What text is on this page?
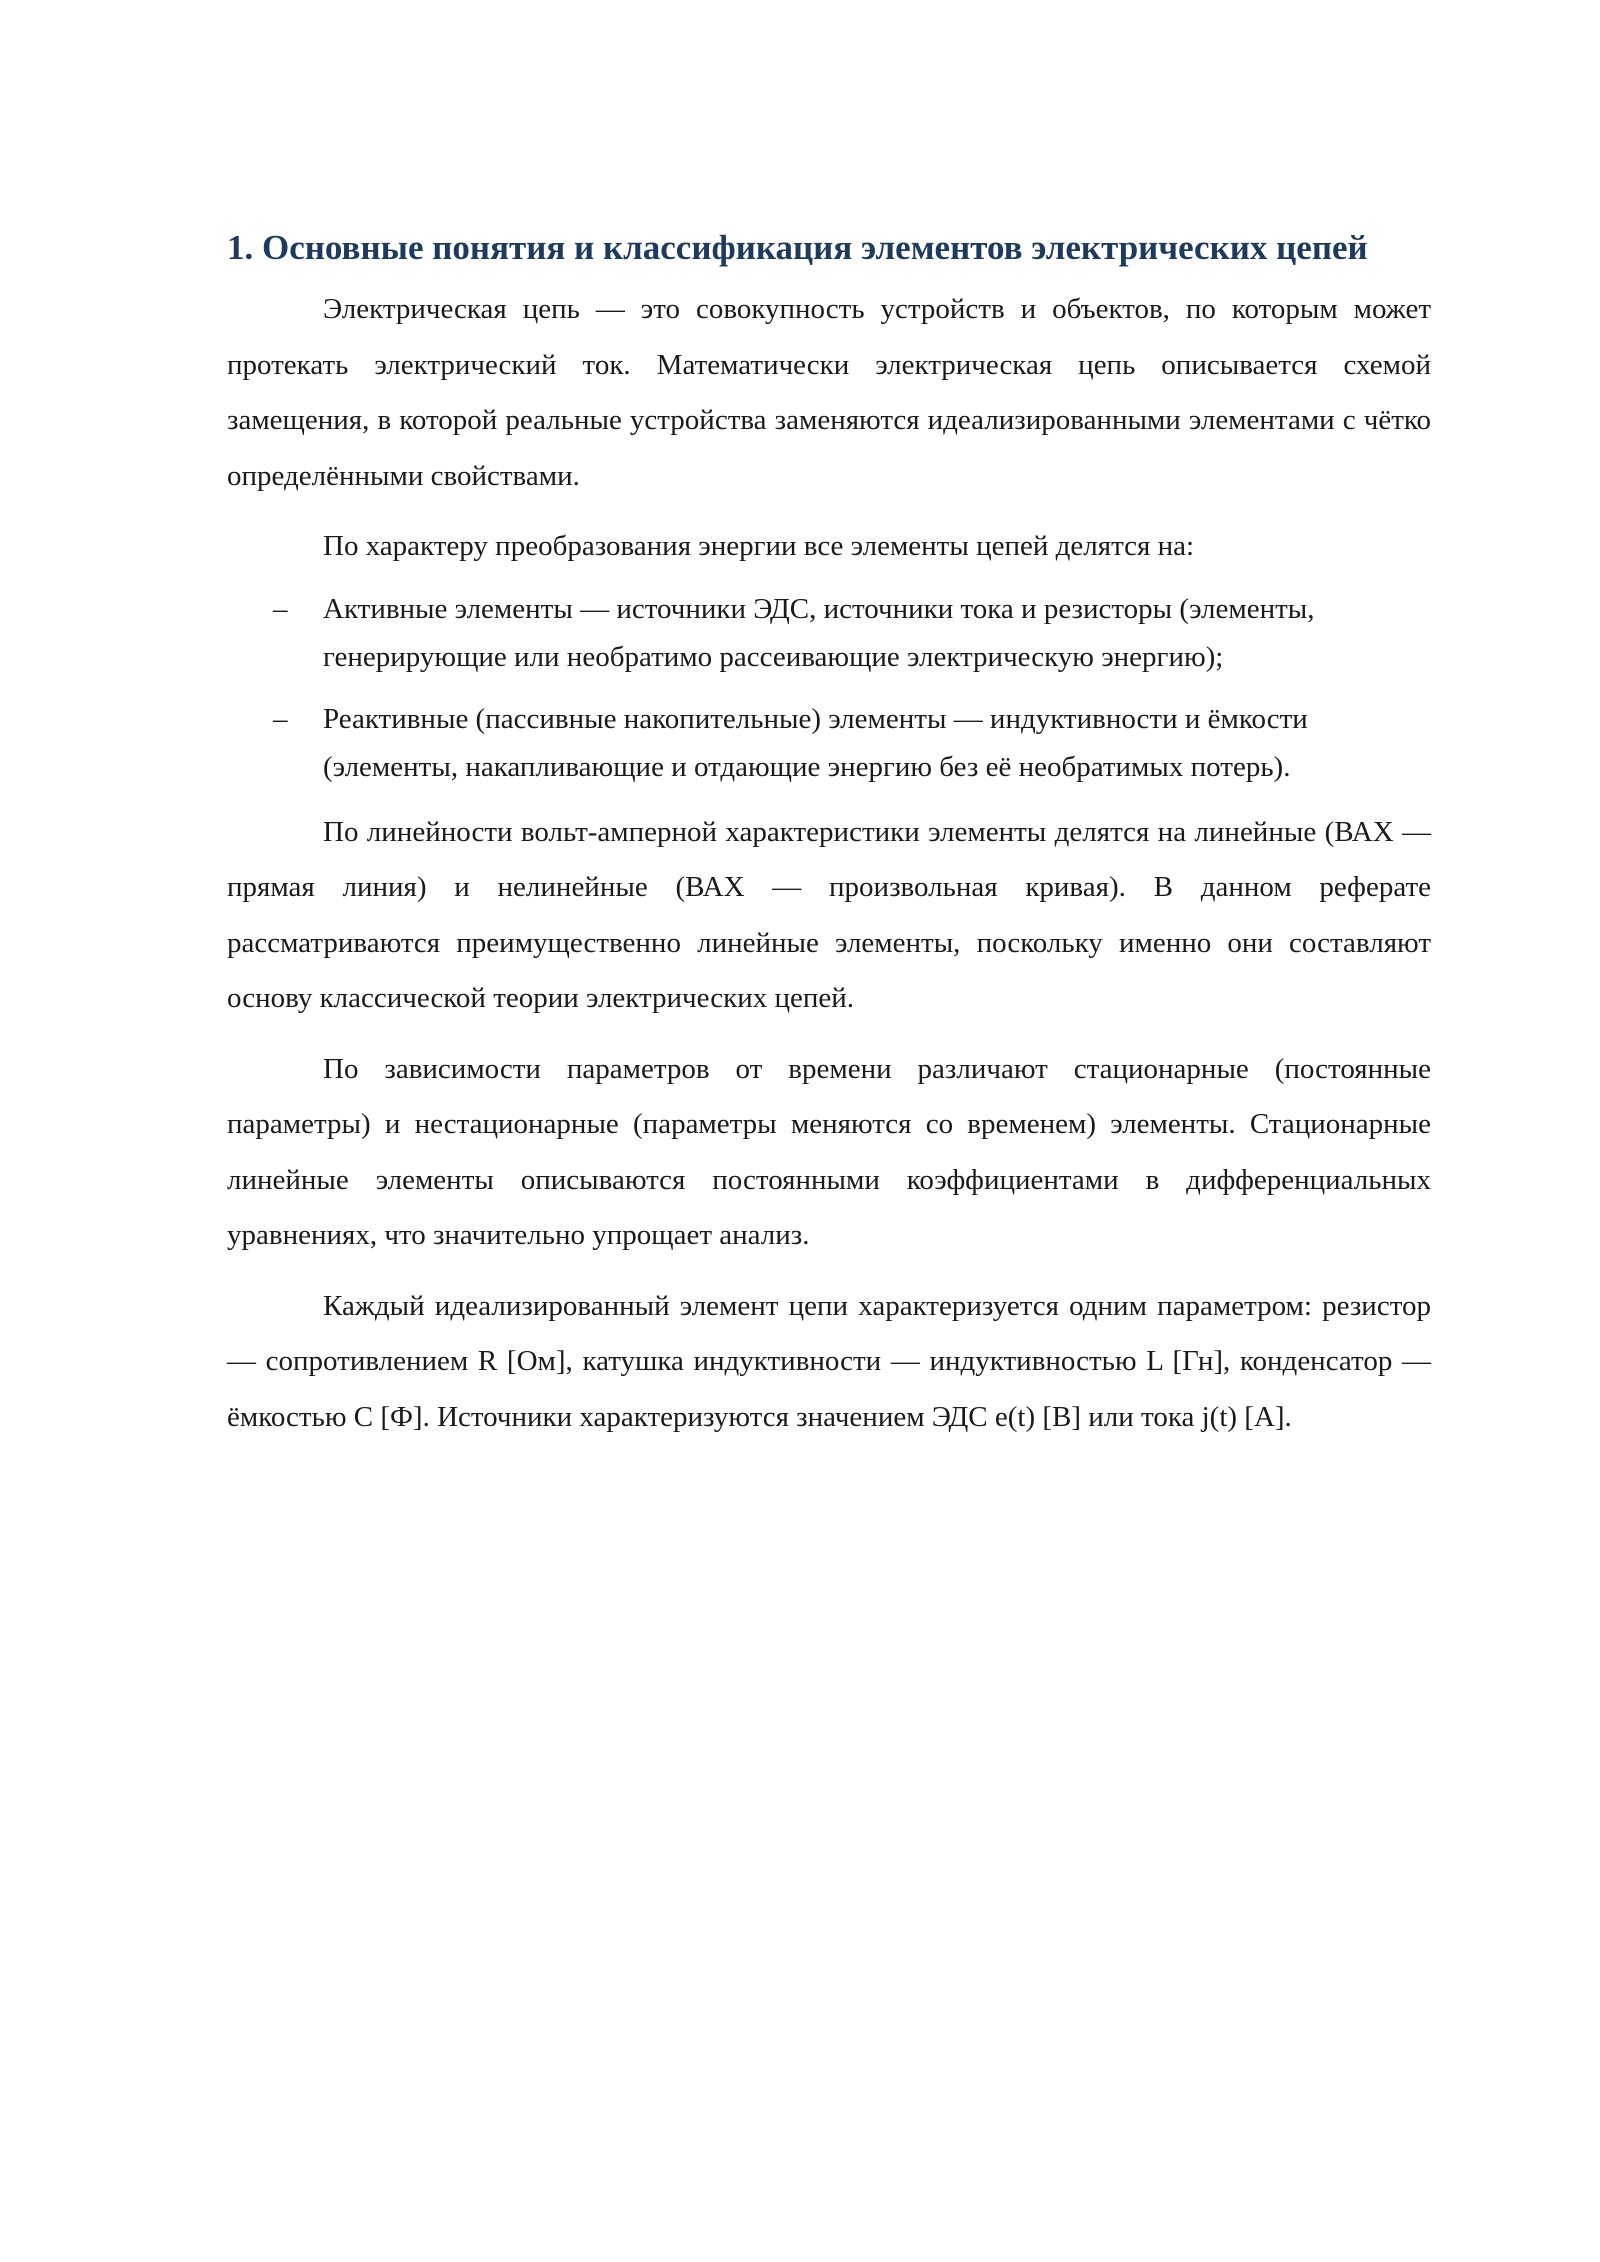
1. Основные понятия и классификация элементов электрических цепей

Электрическая цепь — это совокупность устройств и объектов, по которым может протекать электрический ток. Математически электрическая цепь описывается схемой замещения, в которой реальные устройства заменяются идеализированными элементами с чётко определёнными свойствами.

По характеру преобразования энергии все элементы цепей делятся на:

– Активные элементы — источники ЭДС, источники тока и резисторы (элементы, генерирующие или необратимо рассеивающие электрическую энергию);
– Реактивные (пассивные накопительные) элементы — индуктивности и ёмкости (элементы, накапливающие и отдающие энергию без её необратимых потерь).

По линейности вольт-амперной характеристики элементы делятся на линейные (ВАХ — прямая линия) и нелинейные (ВАХ — произвольная кривая). В данном реферате рассматриваются преимущественно линейные элементы, поскольку именно они составляют основу классической теории электрических цепей.

По зависимости параметров от времени различают стационарные (постоянные параметры) и нестационарные (параметры меняются со временем) элементы. Стационарные линейные элементы описываются постоянными коэффициентами в дифференциальных уравнениях, что значительно упрощает анализ.

Каждый идеализированный элемент цепи характеризуется одним параметром: резистор — сопротивлением R [Ом], катушка индуктивности — индуктивностью L [Гн], конденсатор — ёмкостью C [Ф]. Источники характеризуются значением ЭДС e(t) [В] или тока j(t) [А].
